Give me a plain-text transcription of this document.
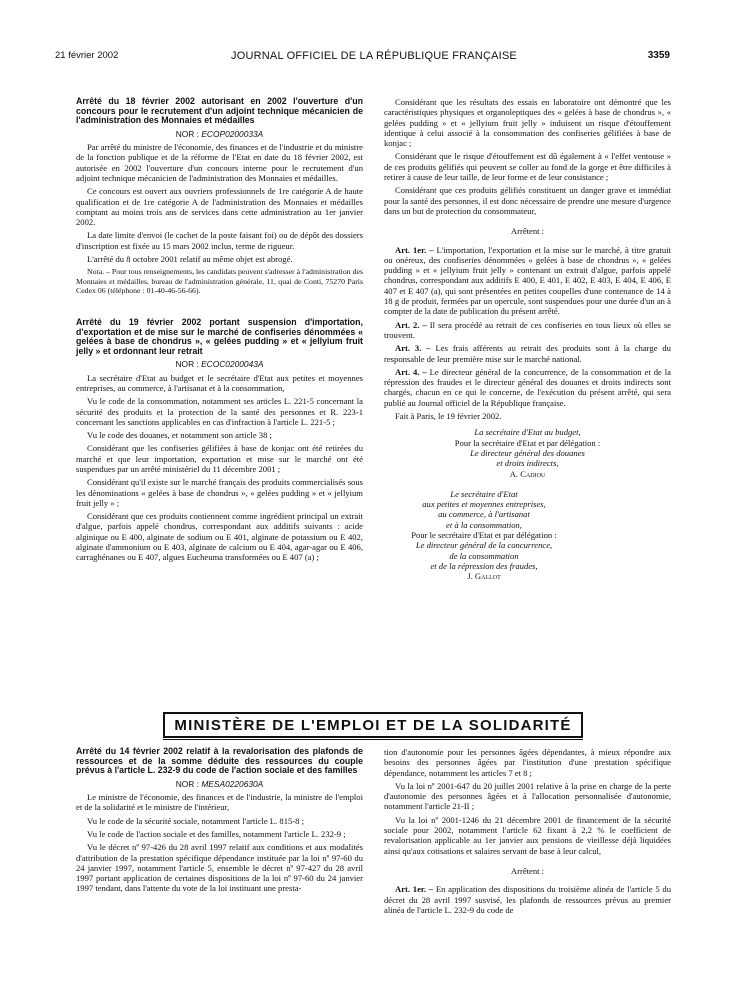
21 février 2002	JOURNAL OFFICIEL DE LA RÉPUBLIQUE FRANÇAISE	3359

Arrêté du 18 février 2002 autorisant en 2002 l'ouverture d'un concours pour le recrutement d'un adjoint technique mécanicien de l'administration des Monnaies et médailles

NOR : ECOP0200033A

Par arrêté du ministre de l'économie, des finances et de l'industrie et du ministre de la fonction publique et de la réforme de l'Etat en date du 18 février 2002, est autorisée en 2002 l'ouverture d'un concours interne pour le recrutement d'un adjoint technique mécanicien de l'administration des Monnaies et médailles.

Ce concours est ouvert aux ouvriers professionnels de 1re catégorie A de haute qualification et de 1re catégorie A de l'administration des Monnaies et médailles comptant au moins trois ans de services dans cette administration au 1er janvier 2002.

La date limite d'envoi (le cachet de la poste faisant foi) ou de dépôt des dossiers d'inscription est fixée au 15 mars 2002 inclus, terme de rigueur.

L'arrêté du 8 octobre 2001 relatif au même objet est abrogé.

Nota. – Pour tous renseignements, les candidats peuvent s'adresser à l'administration des Monnaies et médailles, bureau de l'administration générale, 11, quai de Conti, 75270 Paris Cedex 06 (téléphone : 01-40-46-56-66).

Arrêté du 19 février 2002 portant suspension d'importation, d'exportation et de mise sur le marché de confiseries dénommées « gelées à base de chondrus », « gelées pudding » et « jellyium fruit jelly » et ordonnant leur retrait

NOR : ECOC0200043A

La secrétaire d'Etat au budget et le secrétaire d'Etat aux petites et moyennes entreprises, au commerce, à l'artisanat et à la consommation,

Vu le code de la consommation, notamment ses articles L. 221-5 concernant la sécurité des produits et la protection de la santé des personnes et R. 223-1 concernant les sanctions applicables en cas d'infraction à l'article L. 221-5 ;

Vu le code des douanes, et notamment son article 38 ;

Considérant que les confiseries gélifiées à base de konjac ont été retirées du marché et que leur importation, exportation et mise sur le marché ont été suspendues par un arrêté ministériel du 11 décembre 2001 ;

Considérant qu'il existe sur le marché français des produits commercialisés sous les dénominations « gelées à base de chondrus », « gelées pudding » et « jellyium fruit jelly » ;

Considérant que ces produits contiennent comme ingrédient principal un extrait d'algue, parfois appelé chondrus, correspondant aux additifs suivants : acide alginique ou E 400, alginate de sodium ou E 401, alginate de potassium ou E 402, alginate d'ammonium ou E 403, alginate de calcium ou E 404, agar-agar ou E 406, carraghénanes ou E 407, algues Eucheuma transformées ou E 407 (a) ;

Considérant que les résultats des essais en laboratoire ont démontré que les caractéristiques physiques et organoleptiques des « gelées à base de chondrus », « gelées pudding » et « jellyium fruit jelly » induisent un risque d'étouffement identique à celui associé à la consommation des confiseries gélifiées à base de konjac ;

Considérant que le risque d'étouffement est dû également à « l'effet ventouse » de ces produits gélifiés qui peuvent se coller au fond de la gorge et être difficiles à retirer à cause de leur taille, de leur forme et de leur consistance ;

Considérant que ces produits gélifiés constituent un danger grave et immédiat pour la santé des personnes, il est donc nécessaire de prendre une mesure d'urgence dans un but de protection du consommateur,

Arrêtent :

Art. 1er. – L'importation, l'exportation et la mise sur le marché, à titre gratuit ou onéreux, des confiseries dénommées « gelées à base de chondrus », « gelées pudding » et « jellyium fruit jelly » contenant un extrait d'algue, parfois appelé chondrus, correspondant aux additifs E 400, E 401, E 402, E 403, E 404, E 406, E 407 et E 407 (a), qui sont présentées en petites coupelles d'une contenance de 14 à 18 g de produit, fermées par un opercule, sont suspendues pour une durée d'un an à compter de la date de publication du présent arrêté.

Art. 2. – Il sera procédé au retrait de ces confiseries en tous lieux où elles se trouvent.

Art. 3. – Les frais afférents au retrait des produits sont à la charge du responsable de leur première mise sur le marché national.

Art. 4. – Le directeur général de la concurrence, de la consommation et de la répression des fraudes et le directeur général des douanes et droits indirects sont chargés, chacun en ce qui le concerne, de l'exécution du présent arrêté, qui sera publié au Journal officiel de la République française.

Fait à Paris, le 19 février 2002.

La secrétaire d'Etat au budget,

Pour la secrétaire d'Etat et par délégation :

Le directeur général des douanes

et droits indirects,

A. Cadiou

Le secrétaire d'Etat

aux petites et moyennes entreprises,

au commerce, à l'artisanat

et à la consommation,

Pour le secrétaire d'Etat et par délégation :

Le directeur général de la concurrence,

de la consommation

et de la répression des fraudes,

J. Gallot

MINISTÈRE DE L'EMPLOI ET DE LA SOLIDARITÉ

Arrêté du 14 février 2002 relatif à la revalorisation des plafonds de ressources et de la somme déduite des ressources du couple prévus à l'article L. 232-9 du code de l'action sociale et des familles

NOR : MESA0220630A

Le ministre de l'économie, des finances et de l'industrie, la ministre de l'emploi et de la solidarité et le ministre de l'intérieur,

Vu le code de la sécurité sociale, notamment l'article L. 815-8 ;

Vu le code de l'action sociale et des familles, notamment l'article L. 232-9 ;

Vu le décret nº 97-426 du 28 avril 1997 relatif aux conditions et aux modalités d'attribution de la prestation spécifique dépendance instituée par la loi nº 97-60 du 24 janvier 1997, notamment l'article 5, ensemble le décret nº 97-427 du 28 avril 1997 portant application de certaines dispositions de la loi nº 97-60 du 24 janvier 1997 tendant, dans l'attente du vote de la loi instituant une presta-

tion d'autonomie pour les personnes âgées dépendantes, à mieux répondre aux besoins des personnes âgées par l'institution d'une prestation spécifique dépendance, notamment les articles 7 et 8 ;

Vu la loi nº 2001-647 du 20 juillet 2001 relative à la prise en charge de la perte d'autonomie des personnes âgées et à l'allocation personnalisée d'autonomie, notamment l'article 21-II ;

Vu la loi nº 2001-1246 du 21 décembre 2001 de financement de la sécurité sociale pour 2002, notamment l'article 62 fixant à 2,2 % le coefficient de revalorisation applicable au 1er janvier aux pensions de vieillesse déjà liquidées ainsi qu'aux cotisations et salaires servant de base à leur calcul,

Arrêtent :

Art. 1er. – En application des dispositions du troisième alinéa de l'article 5 du décret du 28 avril 1997 susvisé, les plafonds de ressources prévus au premier alinéa de l'article L. 232-9 du code de
